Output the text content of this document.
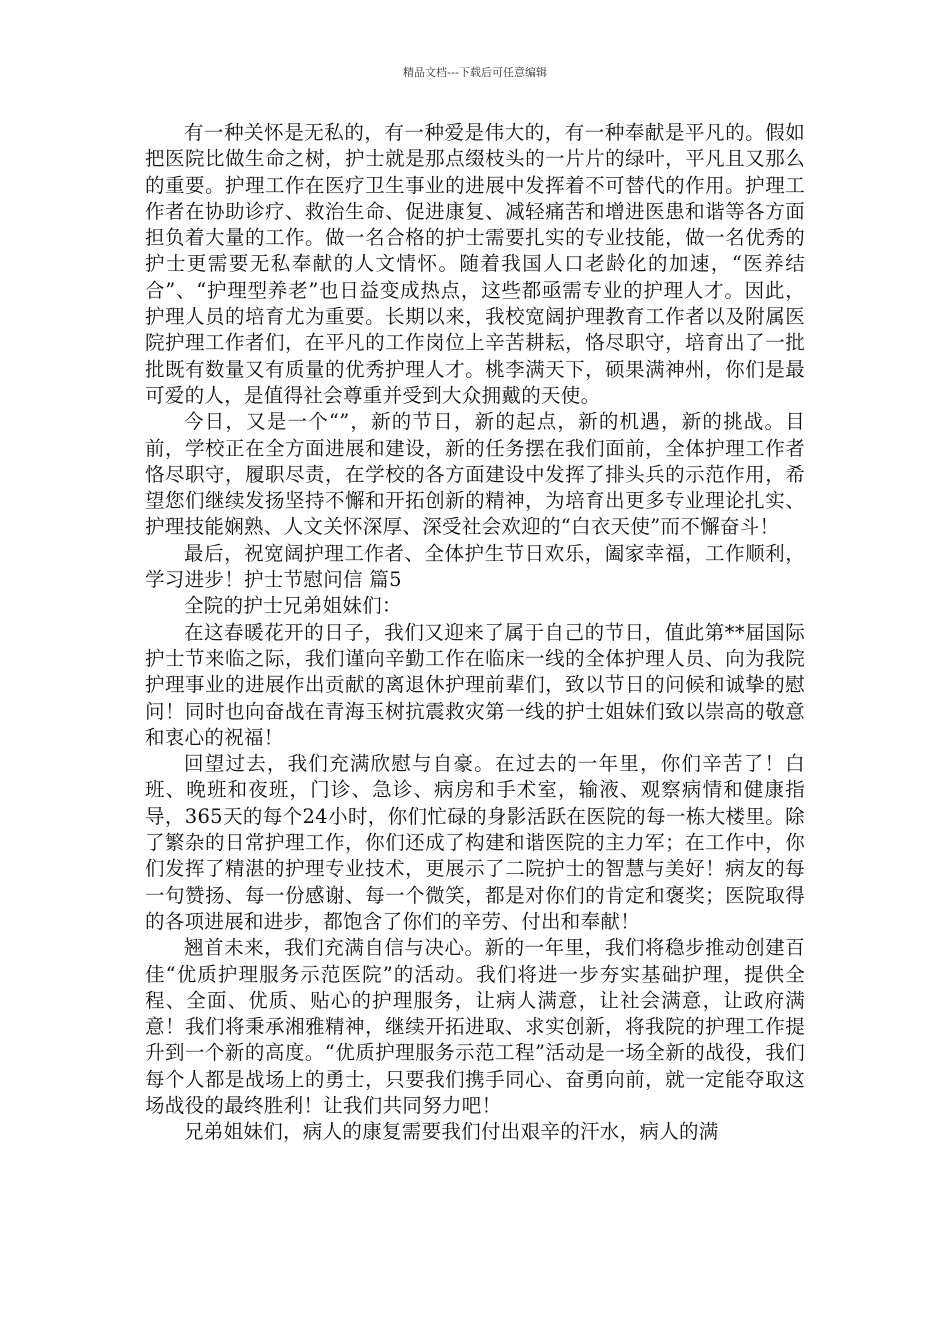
精品文档---下载后可任意编辑

有一种关怀是无私的，有一种爱是伟大的，有一种奉献是平凡的。假如把医院比做生命之树，护士就是那点缀枝头的一片片的绿叶，平凡且又那么的重要。护理工作在医疗卫生事业的进展中发挥着不可替代的作用。护理工作者在协助诊疗、救治生命、促进康复、减轻痛苦和增进医患和谐等各方面担负着大量的工作。做一名合格的护士需要扎实的专业技能，做一名优秀的护士更需要无私奉献的人文情怀。随着我国人口老龄化的加速，“医养结合”、“护理型养老”也日益变成热点，这些都亟需专业的护理人才。因此，护理人员的培育尤为重要。长期以来，我校宽阔护理教育工作者以及附属医院护理工作者们，在平凡的工作岗位上辛苦耕耘，恪尽职守，培育出了一批批既有数量又有质量的优秀护理人才。桃李满天下，硕果满神州，你们是最可爱的人，是值得社会尊重并受到大众拥戴的天使。

今日，又是一个“”，新的节日，新的起点，新的机遇，新的挑战。目前，学校正在全方面进展和建设，新的任务摆在我们面前，全体护理工作者恪尽职守，履职尽责，在学校的各方面建设中发挥了排头兵的示范作用，希望您们继续发扬坚持不懈和开拓创新的精神，为培育出更多专业理论扎实、护理技能娴熟、人文关怀深厚、深受社会欢迎的“白衣天使”而不懈奋斗！

最后，祝宽阔护理工作者、全体护生节日欢乐，阖家幸福，工作顺利，学习进步！护士节慰问信 篇5

全院的护士兄弟姐妹们：

在这春暖花开的日子，我们又迎来了属于自己的节日，值此第**届国际护士节来临之际，我们谨向辛勤工作在临床一线的全体护理人员、向为我院护理事业的进展作出贡献的离退休护理前辈们，致以节日的问候和诚挚的慰问！同时也向奋战在青海玉树抗震救灾第一线的护士姐妹们致以崇高的敬意和衷心的祝福！

回望过去，我们充满欣慰与自豪。在过去的一年里，你们辛苦了！白班、晚班和夜班，门诊、急诊、病房和手术室，输液、观察病情和健康指导，365天的每个24小时，你们忙碌的身影活跃在医院的每一栋大楼里。除了繁杂的日常护理工作，你们还成了构建和谐医院的主力军；在工作中，你们发挥了精湛的护理专业技术，更展示了二院护士的智慧与美好！病友的每一句赞扬、每一份感谢、每一个微笑，都是对你们的肯定和褒奖；医院取得的各项进展和进步，都饱含了你们的辛劳、付出和奉献！

翘首未来，我们充满自信与决心。新的一年里，我们将稳步推动创建百佳“优质护理服务示范医院”的活动。我们将进一步夯实基础护理，提供全程、全面、优质、贴心的护理服务，让病人满意，让社会满意，让政府满意！我们将秉承湘雅精神，继续开拓进取、求实创新，将我院的护理工作提升到一个新的高度。“优质护理服务示范工程”活动是一场全新的战役，我们每个人都是战场上的勇士，只要我们携手同心、奋勇向前，就一定能夺取这场战役的最终胜利！让我们共同努力吧！

兄弟姐妹们，病人的康复需要我们付出艰辛的汗水，病人的满
